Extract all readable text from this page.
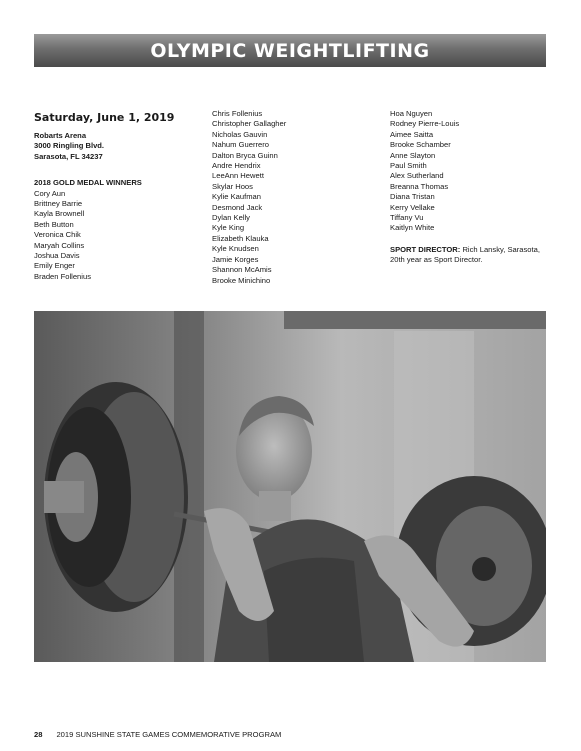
OLYMPIC WEIGHTLIFTING
Saturday, June 1, 2019
Robarts Arena
3000 Ringling Blvd.
Sarasota, FL 34237
2018 GOLD MEDAL WINNERS
Cory Aun
Brittney Barrie
Kayla Brownell
Beth Button
Veronica Chik
Maryah Collins
Joshua Davis
Emily Enger
Braden Follenius
Chris Follenius
Christopher Gallagher
Nicholas Gauvin
Nahum Guerrero
Dalton Bryca Guinn
Andre Hendrix
LeeAnn Hewett
Skylar Hoos
Kylie Kaufman
Desmond Jack
Dylan Kelly
Kyle King
Elizabeth Klauka
Kyle Knudsen
Jamie Korges
Shannon McAmis
Brooke Minichino
Hoa Nguyen
Rodney Pierre-Louis
Aimee Saitta
Brooke Schamber
Anne Slayton
Paul Smith
Alex Sutherland
Breanna Thomas
Diana Tristan
Kerry Vellake
Tiffany Vu
Kaitlyn White
SPORT DIRECTOR: Rich Lansky, Sarasota, 20th year as Sport Director.
28 2019 SUNSHINE STATE GAMES COMMEMORATIVE PROGRAM
